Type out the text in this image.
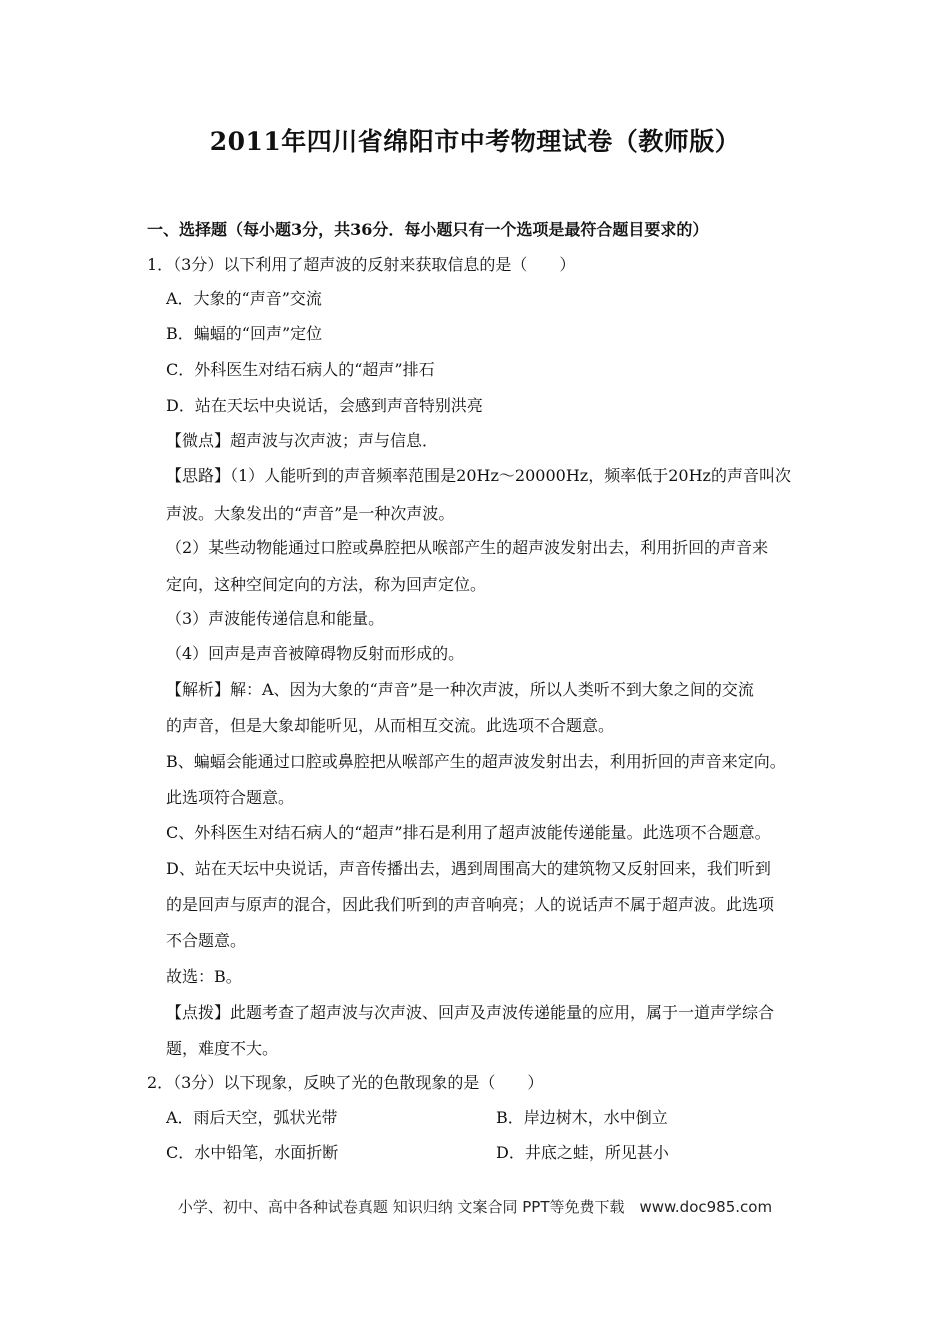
2011年四川省绵阳市中考物理试卷（教师版）
一、选择题（每小题3分，共36分．每小题只有一个选项是最符合题目要求的）
1．（3分）以下利用了超声波的反射来获取信息的是（　　）
A．大象的“声音”交流
B．蝙蝠的“回声”定位
C．外科医生对结石病人的“超声”排石
D．站在天坛中央说话，会感到声音特别洪亮
【微点】超声波与次声波；声与信息．
【思路】（1）人能听到的声音频率范围是20Hz～20000Hz，频率低于20Hz的声音叫次
声波。大象发出的“声音”是一种次声波。
（2）某些动物能通过口腔或鼻腔把从喉部产生的超声波发射出去，利用折回的声音来
定向，这种空间定向的方法，称为回声定位。
（3）声波能传递信息和能量。
（4）回声是声音被障碍物反射而形成的。
【解析】解：A、因为大象的“声音”是一种次声波，所以人类听不到大象之间的交流
的声音，但是大象却能听见，从而相互交流。此选项不合题意。
B、蝙蝠会能通过口腔或鼻腔把从喉部产生的超声波发射出去，利用折回的声音来定向。
此选项符合题意。
C、外科医生对结石病人的“超声”排石是利用了超声波能传递能量。此选项不合题意。
D、站在天坛中央说话，声音传播出去，遇到周围高大的建筑物又反射回来，我们听到
的是回声与原声的混合，因此我们听到的声音响亮；人的说话声不属于超声波。此选项
不合题意。
故选：B。
【点拨】此题考查了超声波与次声波、回声及声波传递能量的应用，属于一道声学综合
题，难度不大。
2．（3分）以下现象，反映了光的色散现象的是（　　）
A．雨后天空，弧状光带	B．岸边树木，水中倒立
C．水中铅笔，水面折断	D．井底之蛙，所见甚小
小学、初中、高中各种试卷真题 知识归纳 文案合同 PPT等免费下载　www.doc985.com
